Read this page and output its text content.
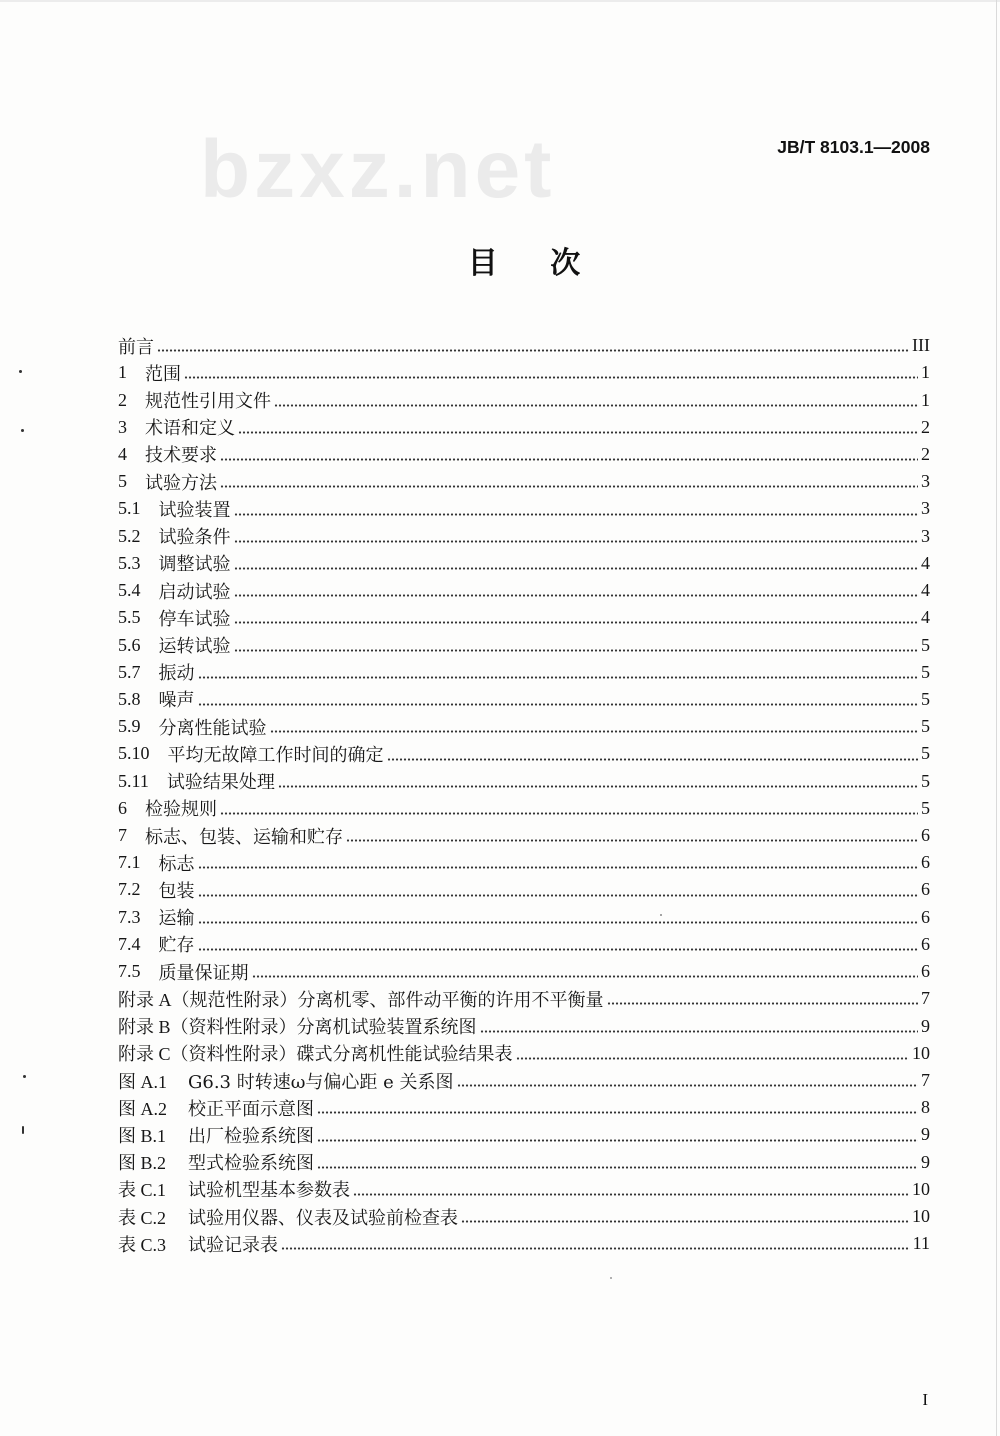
bzxz.net	JB/T 8103.1—2008
目 次
前言	III
1 范围	1
2 规范性引用文件	1
3 术语和定义	2
4 技术要求	2
5 试验方法	3
5.1 试验装置	3
5.2 试验条件	3
5.3 调整试验	4
5.4 启动试验	4
5.5 停车试验	4
5.6 运转试验	5
5.7 振动	5
5.8 噪声	5
5.9 分离性能试验	5
5.10 平均无故障工作时间的确定	5
5.11 试验结果处理	5
6 检验规则	5
7 标志、包装、运输和贮存	6
7.1 标志	6
7.2 包装	6
7.3 运输	6
7.4 贮存	6
7.5 质量保证期	6
附录 A （规范性附录）分离机零、部件动平衡的许用不平衡量	7
附录 B （资料性附录）分离机试验装置系统图	9
附录 C （资料性附录）碟式分离机性能试验结果表	10
图 A.1	G6.3 时转速ω与偏心距 e 关系图	7
图 A.2	校正平面示意图	8
图 B.1	出厂检验系统图	9
图 B.2	型式检验系统图	9
表 C.1	试验机型基本参数表	10
表 C.2	试验用仪器、仪表及试验前检查表	10
表 C.3	试验记录表	11
I
